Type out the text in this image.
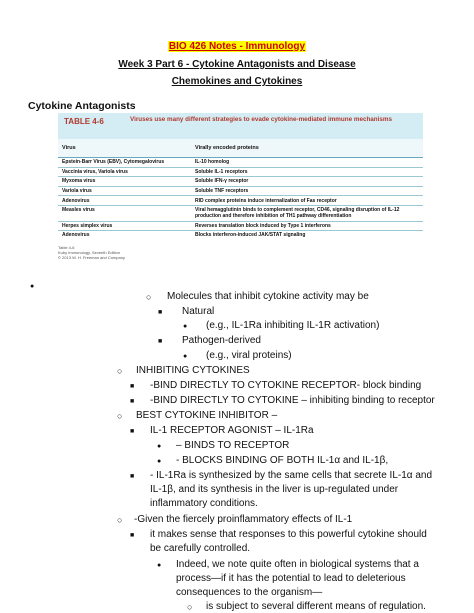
BIO 426 Notes - Immunology
Week 3 Part 6 - Cytokine Antagonists and Disease
Chemokines and Cytokines
Cytokine Antagonists
TABLE 4-6	Viruses use many different strategies to evade cytokine-mediated immune mechanisms
Virus	Virally encoded proteins
Epstein-Barr Virus (EBV), Cytomegalovirus	IL-10 homolog
Vaccinia virus, Variola virus	Soluble IL-1 receptors
Myxoma virus	Soluble IFN-γ receptor
Variola virus	Soluble TNF receptors
Adenovirus	RID complex proteins induce internalization of Fas receptor
Measles virus	Viral hemagglutinin binds to complement receptor, CD46, signaling disruption of IL-12 production and therefore inhibition of TH1 pathway differentiation
Herpes simplex virus	Reverses translation block induced by Type 1 interferons
Adenovirus	Blocks interferon-induced JAK/STAT signaling
Table 4-6
Kuby Immunology, Seventh Edition
© 2013 W. H. Freeman and Company
●
○ Molecules that inhibit cytokine activity may be
■ Natural
● (e.g., IL-1Ra inhibiting IL-1R activation)
■ Pathogen-derived
● (e.g., viral proteins)
○ INHIBITING CYTOKINES
■ -BIND DIRECTLY TO CYTOKINE RECEPTOR- block binding
■ -BIND DIRECTLY TO CYTOKINE – inhibiting binding to receptor
○ BEST CYTOKINE INHIBITOR –
■ IL-1 RECEPTOR AGONIST – IL-1Ra
● – BINDS TO RECEPTOR
● - BLOCKS BINDING OF BOTH IL-1α and IL-1β,
■ - IL-1Ra is synthesized by the same cells that secrete IL-1α and
IL-1β, and its synthesis in the liver is up-regulated under
inflammatory conditions.
○ -Given the fiercely proinflammatory effects of IL-1
■ it makes sense that responses to this powerful cytokine should
be carefully controlled.
● Indeed, we note quite often in biological systems that a
process—if it has the potential to lead to deleterious
consequences to the organism—
○ is subject to several different means of regulation.
